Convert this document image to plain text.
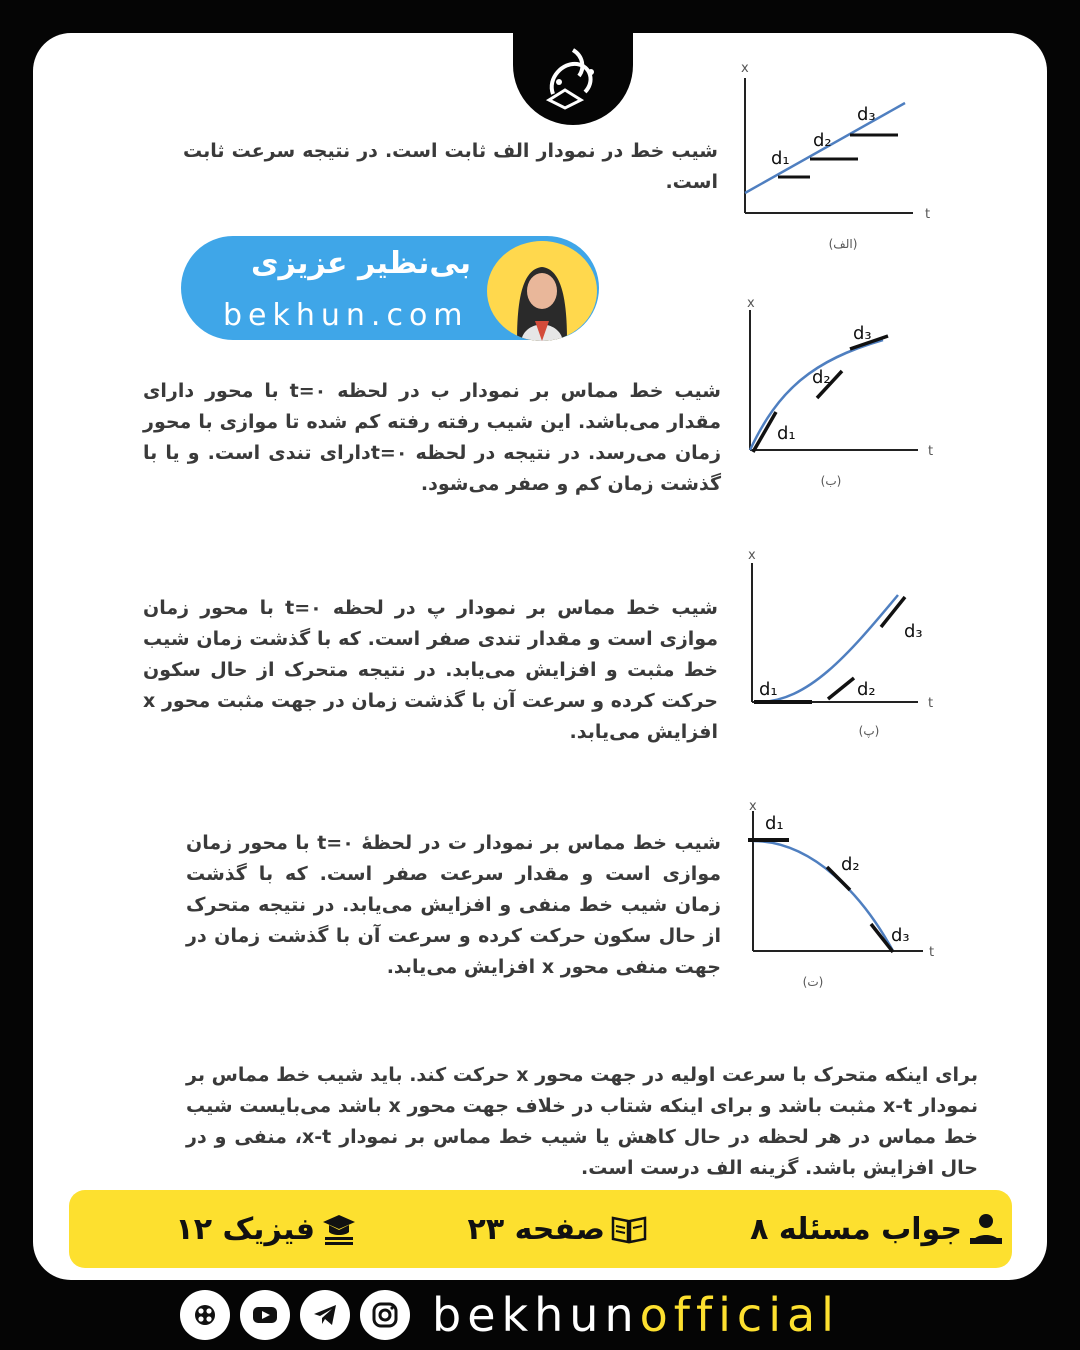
شیب خط در نمودار الف ثابت است. در نتیجه سرعت ثابت است.
شیب خط مماس بر نمودار ب در لحظه ۰=t با محور دارای مقدار می‌باشد. این شیب رفته رفته کم شده تا موازی با محور زمان می‌رسد. در نتیجه در لحظه ۰=tدارای تندی است. و یا با گذشت زمان کم و صفر می‌شود.
شیب خط مماس بر نمودار پ در لحظه ۰=t با محور زمان موازی است و مقدار تندی صفر است. که با گذشت زمان شیب خط مثبت و افزایش می‌یابد. در نتیجه متحرک از حال سکون حرکت کرده و سرعت آن با گذشت زمان در جهت مثبت محور x افزایش می‌یابد.
شیب خط مماس بر نمودار ت در لحظهٔ ۰=t با محور زمان موازی است و مقدار سرعت صفر است. که با گذشت زمان شیب خط منفی و افزایش می‌یابد. در نتیجه متحرک از حال سکون حرکت کرده و سرعت آن با گذشت زمان در جهت منفی محور x افزایش می‌یابد.
برای اینکه متحرک با سرعت اولیه در جهت محور x حرکت کند. باید شیب خط مماس بر نمودار x-t مثبت باشد و برای اینکه شتاب در خلاف جهت محور x باشد می‌بایست شیب خط مماس در هر لحظه در حال کاهش یا شیب خط مماس بر نمودار x-t، منفی و در حال افزایش باشد. گزینه الف درست است.
بی‌نظیر عزیزی
bekhun.com
x
t
d₁
d₂
d₃
(الف)
x
t
d₁
d₂
d₃
(ب)
x
t
d₁	d₂
d₃
(پ)
x
t
d₁
d₂
d₃
(ت)
جواب مسئله ۸
صفحه ۲۳
فیزیک ۱۲
bekhunofficial
